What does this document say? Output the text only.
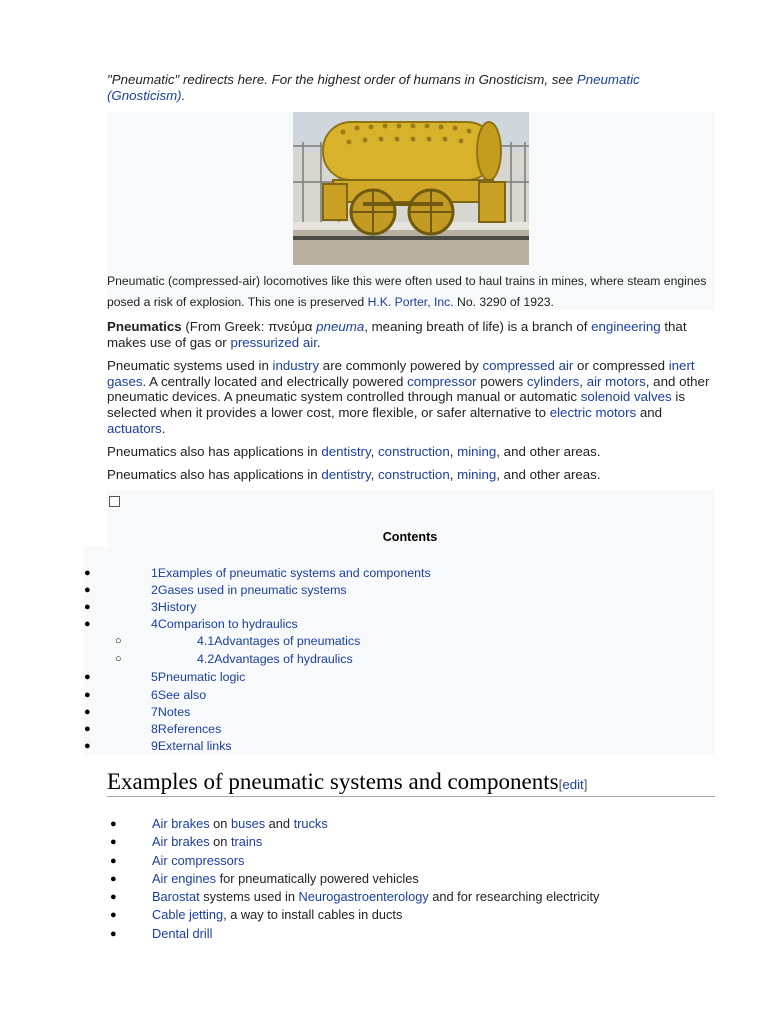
"Pneumatic" redirects here. For the highest order of humans in Gnosticism, see Pneumatic (Gnosticism).
Pneumatic (compressed-air) locomotives like this were often used to haul trains in mines, where steam engines posed a risk of explosion. This one is preserved H.K. Porter, Inc. No. 3290 of 1923.
Pneumatics (From Greek: πνεύμα pneuma, meaning breath of life) is a branch of engineering that makes use of gas or pressurized air.
Pneumatic systems used in industry are commonly powered by compressed air or compressed inert gases. A centrally located and electrically powered compressor powers cylinders, air motors, and other pneumatic devices. A pneumatic system controlled through manual or automatic solenoid valves is selected when it provides a lower cost, more flexible, or safer alternative to electric motors and actuators.
Pneumatics also has applications in dentistry, construction, mining, and other areas.
Pneumatics also has applications in dentistry, construction, mining, and other areas.
Contents
●	1Examples of pneumatic systems and components
●	2Gases used in pneumatic systems
●	3History
●	4Comparison to hydraulics
○	4.1Advantages of pneumatics
○	4.2Advantages of hydraulics
●	5Pneumatic logic
●	6See also
●	7Notes
●	8References
●	9External links
Examples of pneumatic systems and components[edit]
●	Air brakes on buses and trucks
●	Air brakes on trains
●	Air compressors
●	Air engines for pneumatically powered vehicles
●	Barostat systems used in Neurogastroenterology and for researching electricity
●	Cable jetting, a way to install cables in ducts
●	Dental drill
